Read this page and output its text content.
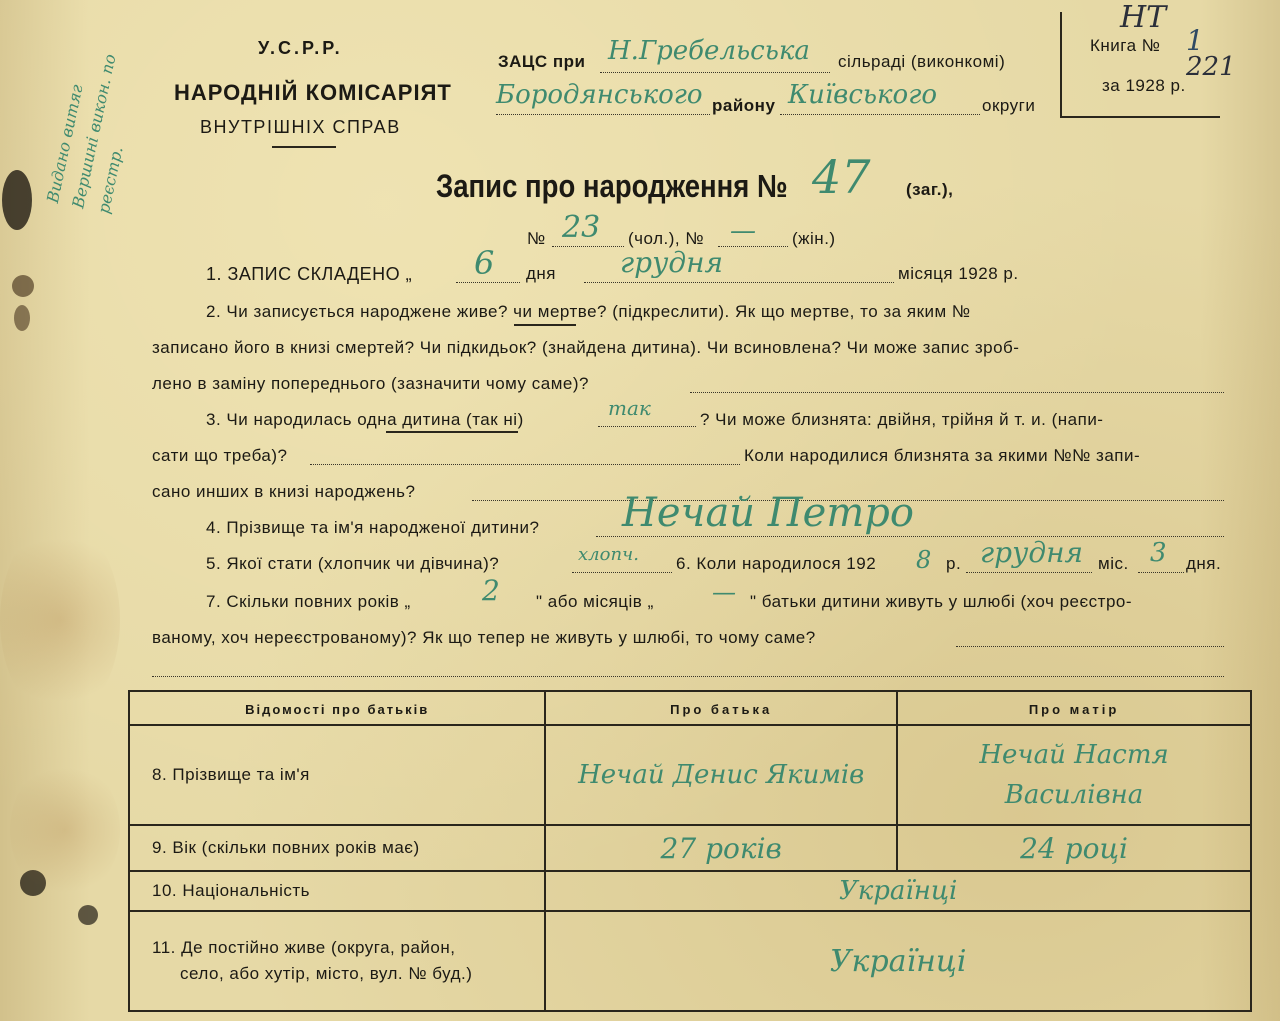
Видано витяг Вершині викон. по реєстр.
У.С.Р.Р.
НАРОДНІЙ КОМІСАРІЯТ
ВНУТРІШНІХ СПРАВ
ЗАЦС при Н.Гребельська сільраді (виконкомі)
Бородянського району Київського	округи
Книга № 1
за 1928 р.
НТ
221
Запис про народження № 47 (заг.),
№ 23 (чол.), № — (жін.)
1. ЗАПИС СКЛАДЕНО „ 6 дня грудня	місяця 1928 р.
2. Чи записується народжене живе? чи мертве? (підкреслити). Як що мертве, то за яким №
записано його в книзі смертей? Чи підкидьок? (знайдена дитина). Чи всиновлена? Чи може запис зроб-
лено в заміну попереднього (зазначити чому саме)?
3. Чи народилась одна дитина (так ні)	так	? Чи може близнята: двійня, трійня й т. и. (напи-
сати що треба)?	Коли народилися близнята за якими №№ запи-
сано инших в книзі народжень?
4. Прізвище та ім'я народженої дитини? Нечай Петро
5. Якої стати (хлопчик чи дівчина)?	хлопч. 6. Коли народилося 192 8 р. грудня міс. 3 дня.
7. Скільки повних років „	2 " або місяців „ — " батьки дитини живуть у шлюбі (хоч реєстро-
ваному, хоч нереєстрованому)? Як що тепер не живуть у шлюбі, то чому саме?
Відомості про батьків	Про батька	Про матір
8. Прізвище та ім'я	Нечай Денис Якимів	Нечай Настя Василівна
9. Вік (скільки повних років має)	27 років	24 році
10. Національність	Українці	

11. Де постійно живе (округа, район,
село, або хутір, місто, вул. № буд.)	Українці	
